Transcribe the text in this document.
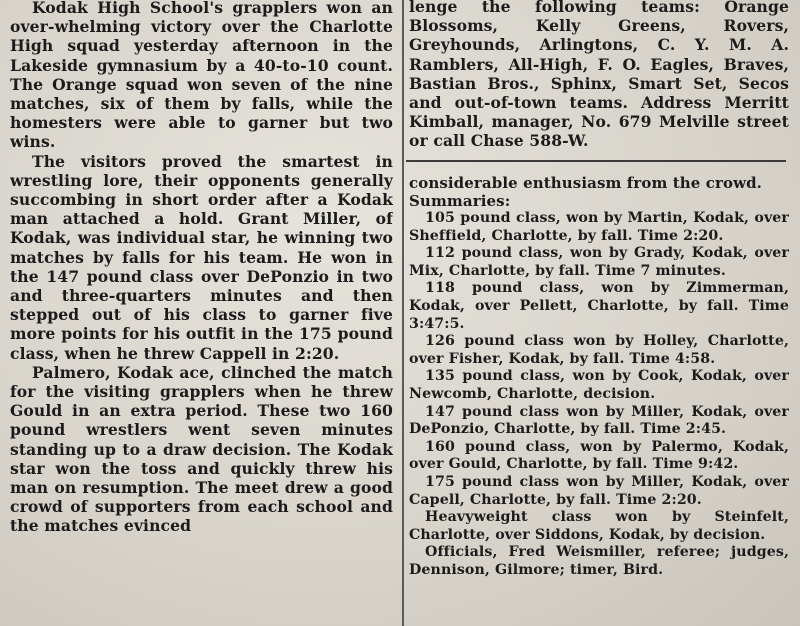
Kodak High School's grapplers won an over-whelming victory over the Charlotte High squad yesterday afternoon in the Lakeside gymnasium by a 40-to-10 count. The Orange squad won seven of the nine matches, six of them by falls, while the homesters were able to garner but two wins.

The visitors proved the smartest in wrestling lore, their opponents generally succombing in short order after a Kodak man attached a hold. Grant Miller, of Kodak, was individual star, he winning two matches by falls for his team. He won in the 147 pound class over DePonzio in two and three-quarters minutes and then stepped out of his class to garner five more points for his outfit in the 175 pound class, when he threw Cappell in 2:20.

Palmero, Kodak ace, clinched the match for the visiting grapplers when he threw Gould in an extra period. These two 160 pound wrestlers went seven minutes standing up to a draw decision. The Kodak star won the toss and quickly threw his man on resumption. The meet drew a good crowd of supporters from each school and the matches evinced

lenge the following teams: Orange Blossoms, Kelly Greens, Rovers, Greyhounds, Arlingtons, C. Y. M. A. Ramblers, All-High, F. O. Eagles, Braves, Bastian Bros., Sphinx, Smart Set, Secos and out-of-town teams. Address Merritt Kimball, manager, No. 679 Melville street or call Chase 588-W.

considerable enthusiasm from the crowd.

Summaries:

105 pound class, won by Martin, Kodak, over Sheffield, Charlotte, by fall. Time 2:20.

112 pound class, won by Grady, Kodak, over Mix, Charlotte, by fall. Time 7 minutes.

118 pound class, won by Zimmerman, Kodak, over Pellett, Charlotte, by fall. Time 3:47:5.

126 pound class won by Holley, Charlotte, over Fisher, Kodak, by fall. Time 4:58.

135 pound class, won by Cook, Kodak, over Newcomb, Charlotte, decision.

147 pound class won by Miller, Kodak, over DePonzio, Charlotte, by fall. Time 2:45.

160 pound class, won by Palermo, Kodak, over Gould, Charlotte, by fall. Time 9:42.

175 pound class won by Miller, Kodak, over Capell, Charlotte, by fall. Time 2:20.

Heavyweight class won by Steinfelt, Charlotte, over Siddons, Kodak, by decision.

Officials, Fred Weismiller, referee; judges, Dennison, Gilmore; timer, Bird.
